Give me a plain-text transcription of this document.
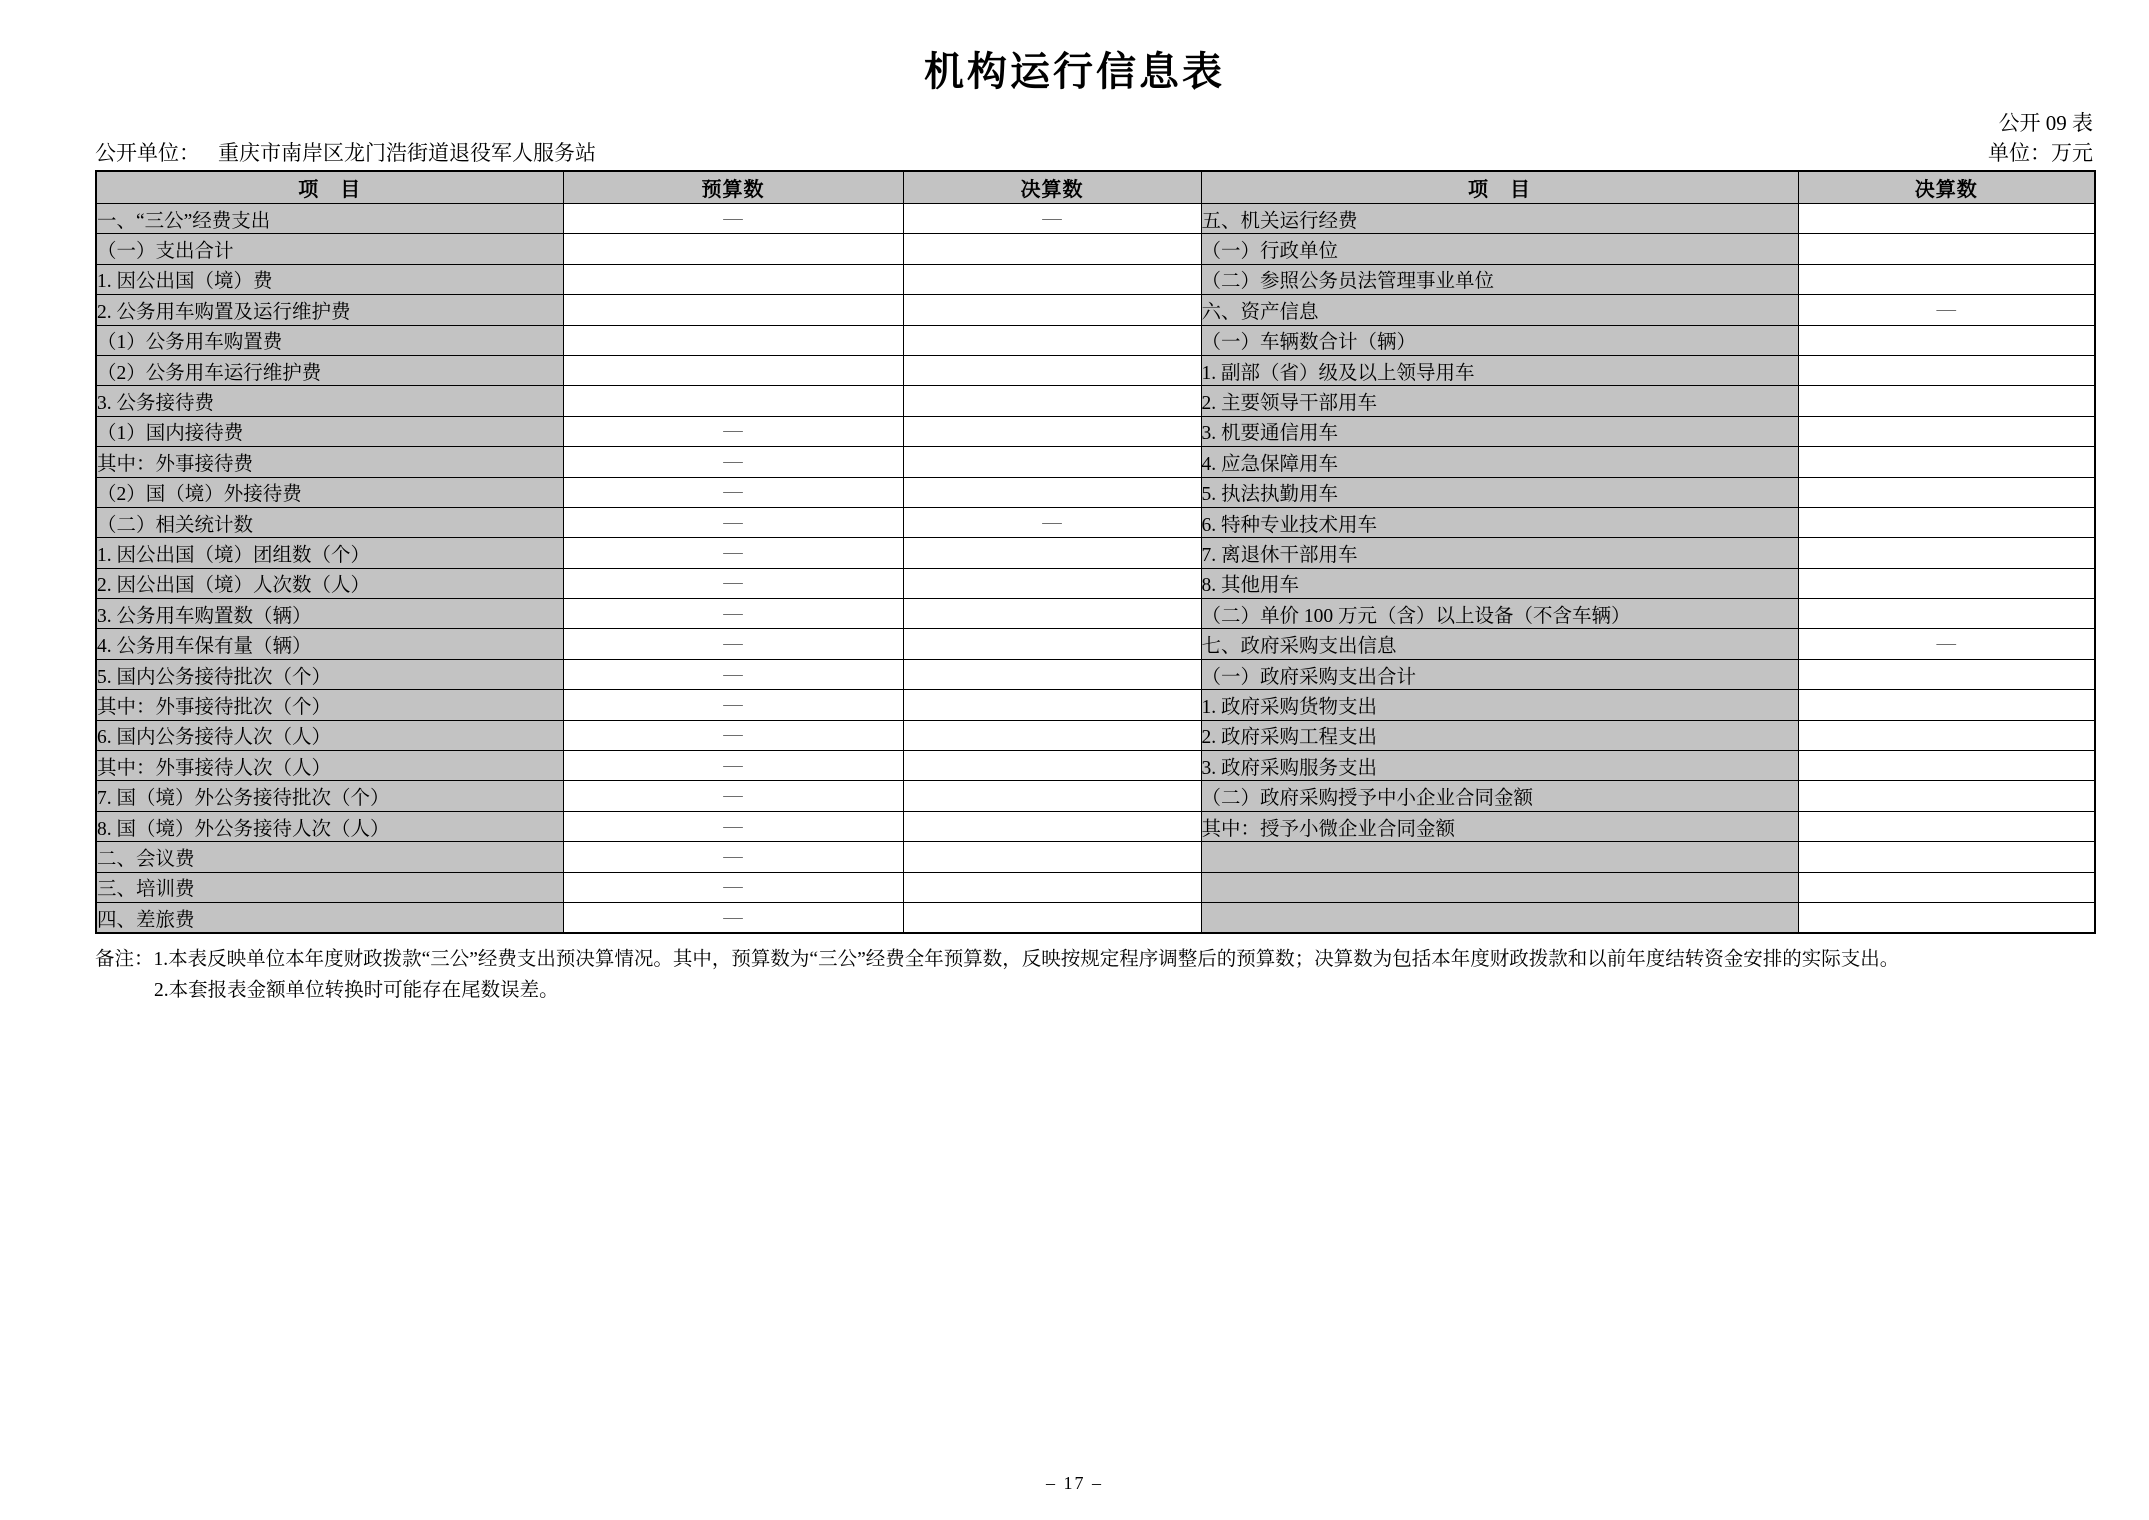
机构运行信息表
公开 09 表
公开单位： 重庆市南岸区龙门浩街道退役军人服务站	单位：万元
项　目	预算数	决算数	项　目	决算数
一、“三公”经费支出	—	—	五、机关运行经费	
（一）支出合计			（一）行政单位	
1. 因公出国（境）费			（二）参照公务员法管理事业单位	
2. 公务用车购置及运行维护费			六、资产信息	—
（1）公务用车购置费			（一）车辆数合计（辆）	
（2）公务用车运行维护费			1. 副部（省）级及以上领导用车	
3. 公务接待费			2. 主要领导干部用车	
（1）国内接待费	—		3. 机要通信用车	
其中：外事接待费	—		4. 应急保障用车	
（2）国（境）外接待费	—		5. 执法执勤用车	
（二）相关统计数	—	—	6. 特种专业技术用车	
1. 因公出国（境）团组数（个）	—		7. 离退休干部用车	
2. 因公出国（境）人次数（人）	—		8. 其他用车	
3. 公务用车购置数（辆）	—		（二）单价 100 万元（含）以上设备（不含车辆）	
4. 公务用车保有量（辆）	—		七、政府采购支出信息	—
5. 国内公务接待批次（个）	—		（一）政府采购支出合计	
其中：外事接待批次（个）	—		1. 政府采购货物支出	
6. 国内公务接待人次（人）	—		2. 政府采购工程支出	
其中：外事接待人次（人）	—		3. 政府采购服务支出	
7. 国（境）外公务接待批次（个）	—		（二）政府采购授予中小企业合同金额	
8. 国（境）外公务接待人次（人）	—		其中：授予小微企业合同金额	
二、会议费	—			
三、培训费	—			
四、差旅费	—			
备注：1.本表反映单位本年度财政拨款“三公”经费支出预决算情况。其中，预算数为“三公”经费全年预算数，反映按规定程序调整后的预算数；决算数为包括本年度财政拨款和以前年度结转资金安排的实际支出。
2.本套报表金额单位转换时可能存在尾数误差。
– 17 –
